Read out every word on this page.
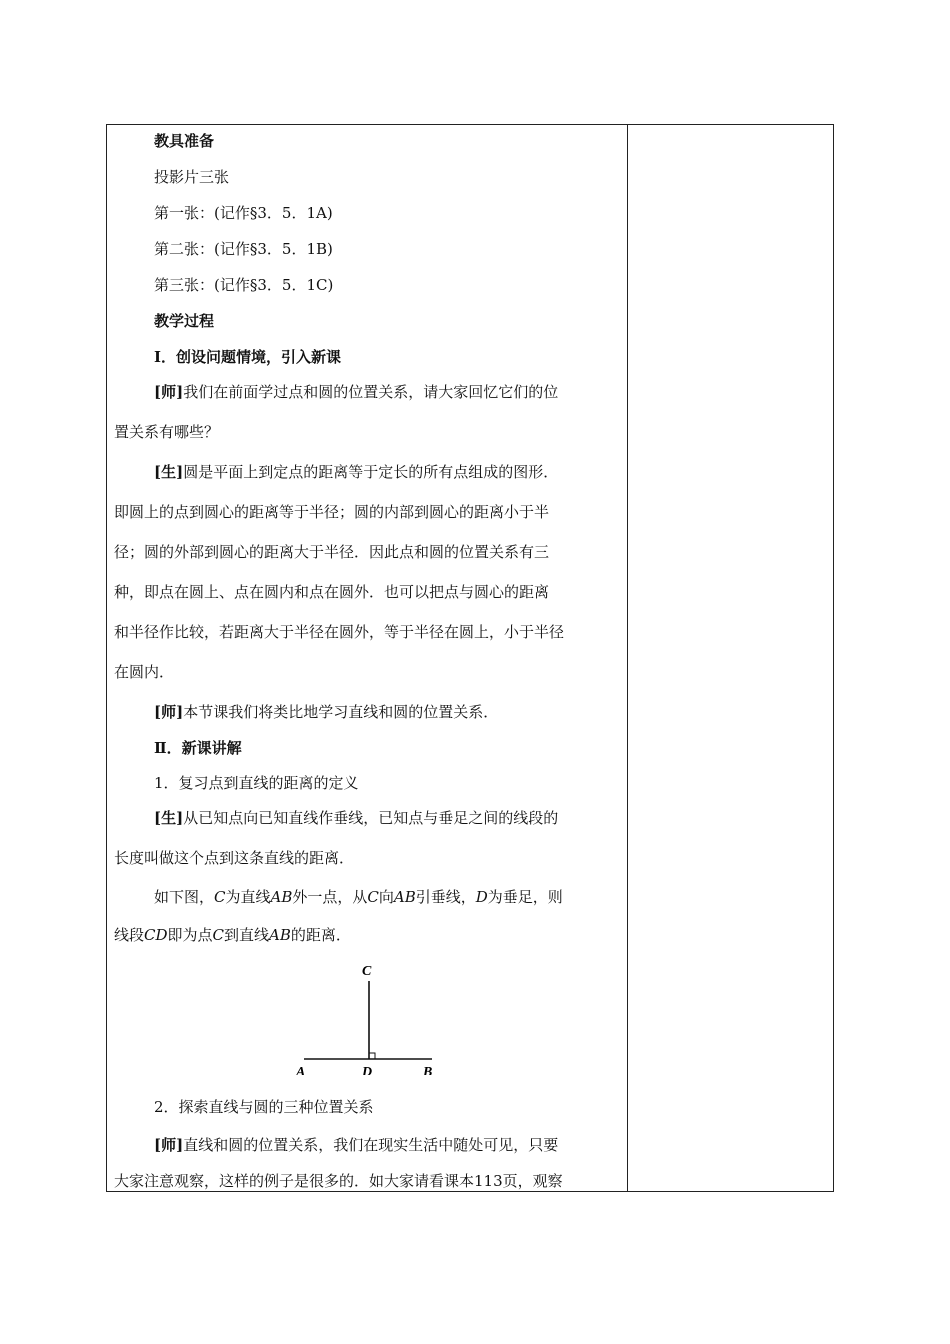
教具准备
投影片三张
第一张：(记作§3．5．1A)
第二张：(记作§3．5．1B)
第三张：(记作§3．5．1C)
教学过程
Ⅰ．创设问题情境，引入新课
[师]我们在前面学过点和圆的位置关系，请大家回忆它们的位
置关系有哪些？
[生]圆是平面上到定点的距离等于定长的所有点组成的图形．
即圆上的点到圆心的距离等于半径；圆的内部到圆心的距离小于半
径；圆的外部到圆心的距离大于半径．因此点和圆的位置关系有三
种，即点在圆上、点在圆内和点在圆外．也可以把点与圆心的距离
和半径作比较，若距离大于半径在圆外，等于半径在圆上，小于半径
在圆内．
[师]本节课我们将类比地学习直线和圆的位置关系．
Ⅱ．新课讲解
1．复习点到直线的距离的定义
[生]从已知点向已知直线作垂线，已知点与垂足之间的线段的
长度叫做这个点到这条直线的距离．
如下图，C为直线AB外一点，从C向AB引垂线，D为垂足，则
线段CD即为点C到直线AB的距离．
C
A	D	B
2．探索直线与圆的三种位置关系
[师]直线和圆的位置关系，我们在现实生活中随处可见，只要
大家注意观察，这样的例子是很多的．如大家请看课本113页，观察
